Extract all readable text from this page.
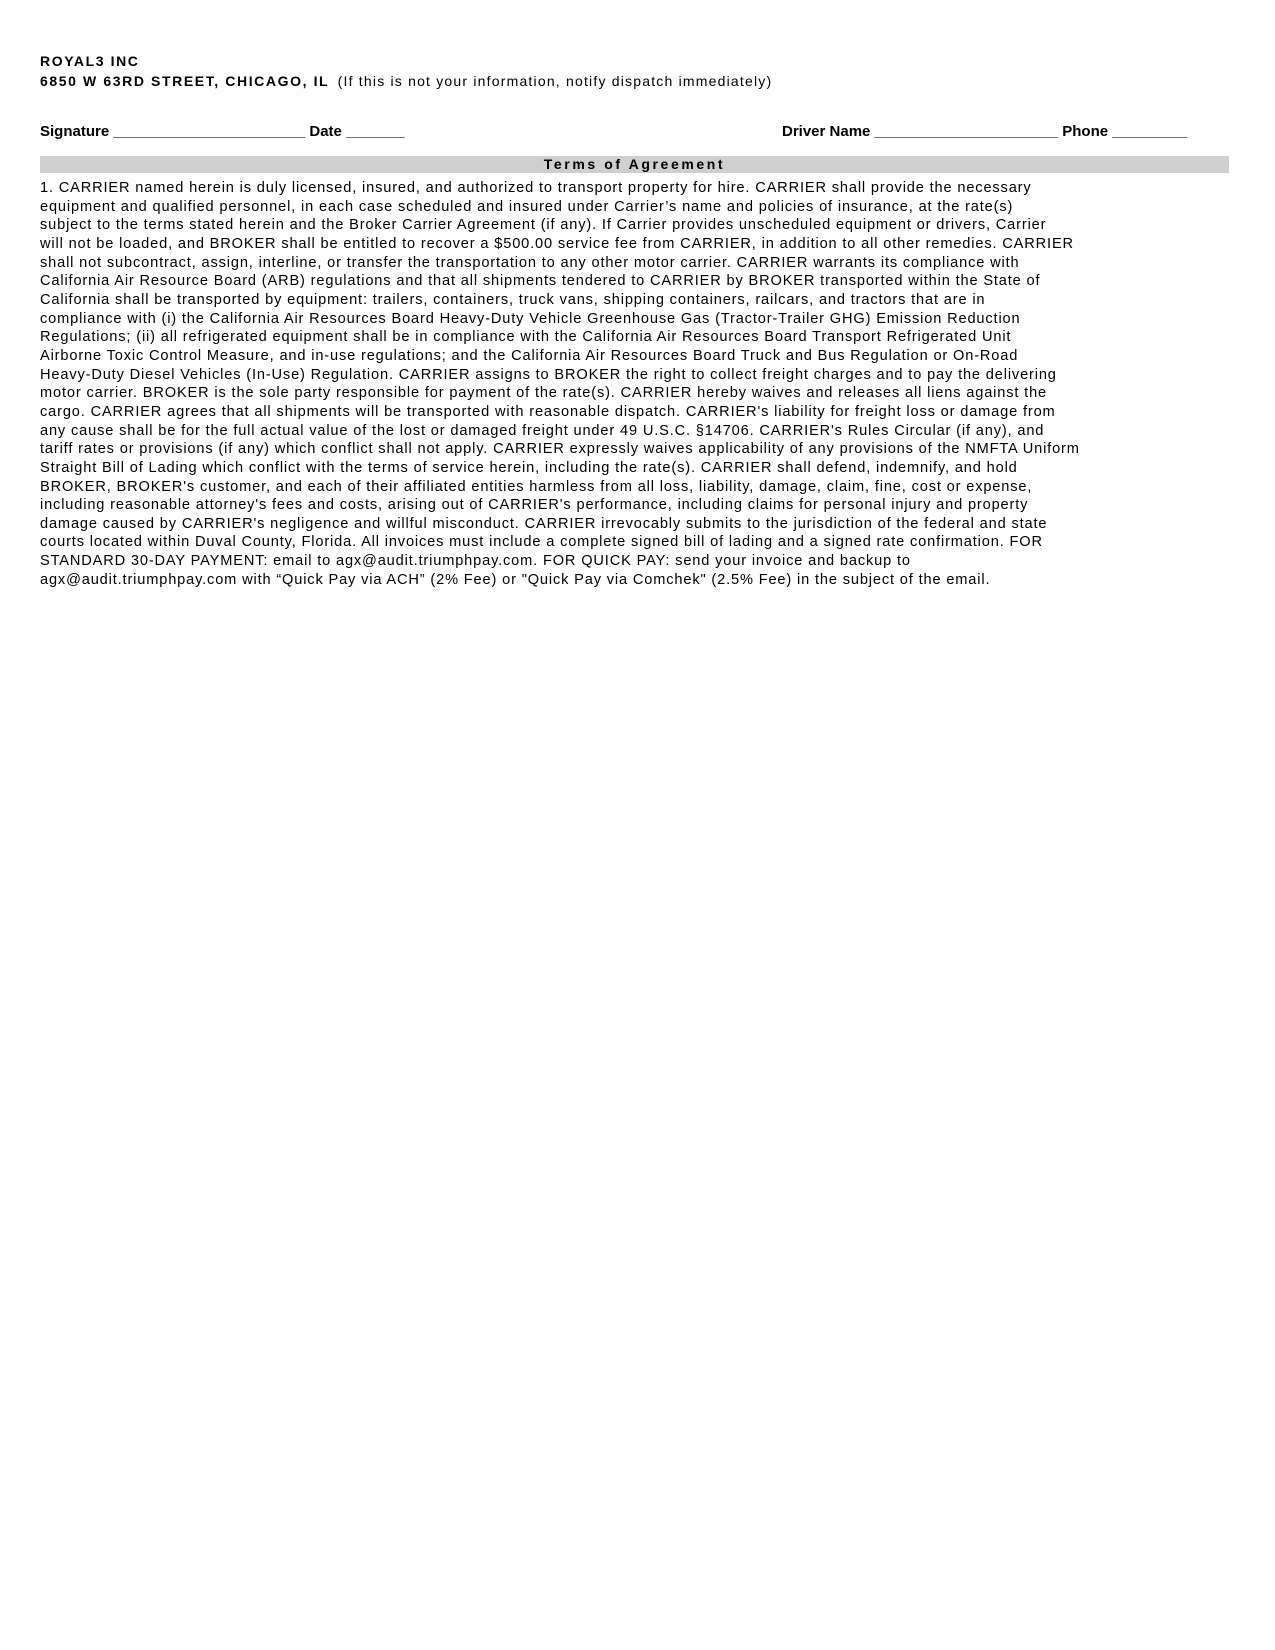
ROYAL3 INC
6850 W 63RD STREET, CHICAGO, IL (If this is not your information, notify dispatch immediately)
Signature _______________________ Date _______	Driver Name ______________________ Phone _________
Terms of Agreement
1. CARRIER named herein is duly licensed, insured, and authorized to transport property for hire. CARRIER shall provide the necessary
equipment and qualified personnel, in each case scheduled and insured under Carrier’s name and policies of insurance, at the rate(s)
subject to the terms stated herein and the Broker Carrier Agreement (if any). If Carrier provides unscheduled equipment or drivers, Carrier
will not be loaded, and BROKER shall be entitled to recover a $500.00 service fee from CARRIER, in addition to all other remedies. CARRIER
shall not subcontract, assign, interline, or transfer the transportation to any other motor carrier. CARRIER warrants its compliance with
California Air Resource Board (ARB) regulations and that all shipments tendered to CARRIER by BROKER transported within the State of
California shall be transported by equipment: trailers, containers, truck vans, shipping containers, railcars, and tractors that are in
compliance with (i) the California Air Resources Board Heavy-Duty Vehicle Greenhouse Gas (Tractor-Trailer GHG) Emission Reduction
Regulations; (ii) all refrigerated equipment shall be in compliance with the California Air Resources Board Transport Refrigerated Unit
Airborne Toxic Control Measure, and in-use regulations; and the California Air Resources Board Truck and Bus Regulation or On-Road
Heavy-Duty Diesel Vehicles (In-Use) Regulation. CARRIER assigns to BROKER the right to collect freight charges and to pay the delivering
motor carrier. BROKER is the sole party responsible for payment of the rate(s). CARRIER hereby waives and releases all liens against the
cargo. CARRIER agrees that all shipments will be transported with reasonable dispatch. CARRIER's liability for freight loss or damage from
any cause shall be for the full actual value of the lost or damaged freight under 49 U.S.C. §14706. CARRIER's Rules Circular (if any), and
tariff rates or provisions (if any) which conflict shall not apply. CARRIER expressly waives applicability of any provisions of the NMFTA Uniform
Straight Bill of Lading which conflict with the terms of service herein, including the rate(s). CARRIER shall defend, indemnify, and hold
BROKER, BROKER's customer, and each of their affiliated entities harmless from all loss, liability, damage, claim, fine, cost or expense,
including reasonable attorney's fees and costs, arising out of CARRIER's performance, including claims for personal injury and property
damage caused by CARRIER's negligence and willful misconduct. CARRIER irrevocably submits to the jurisdiction of the federal and state
courts located within Duval County, Florida. All invoices must include a complete signed bill of lading and a signed rate confirmation. FOR
STANDARD 30-DAY PAYMENT: email to agx@audit.triumphpay.com. FOR QUICK PAY: send your invoice and backup to
agx@audit.triumphpay.com with “Quick Pay via ACH” (2% Fee) or "Quick Pay via Comchek" (2.5% Fee) in the subject of the email.
